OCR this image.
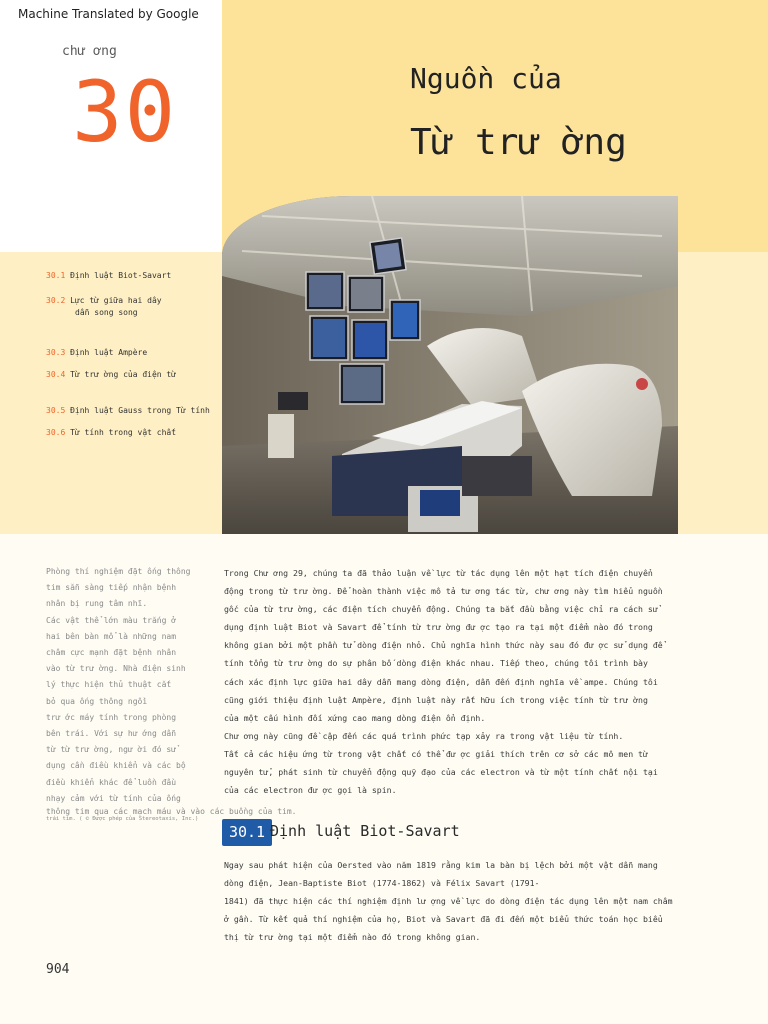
Machine Translated by Google
chư ơng
30	Nguồn của
Từ trư ờng
30.1 Định luật Biot-Savart
30.2 Lực từ giữa hai dây
dẫn song song
30.3 Định luật Ampère
30.4 Từ trư ờng của điện từ
30.5 Định luật Gauss trong Từ tính
30.6 Từ tính trong vật chất
Phòng thí nghiệm đặt ống thông
tim sẵn sàng tiếp nhận bệnh
nhân bị rung tâm nhĩ.
Các vật thể lớn màu trắng ở
hai bên bàn mổ là những nam
châm cực mạnh đặt bệnh nhân
vào từ trư ờng. Nhà điện sinh
lý thực hiện thủ thuật cắt
bỏ qua ống thông ngồi
trư ớc máy tính trong phòng
bên trái. Với sự hư ớng dẫn
từ từ trư ờng, ngư ời đó sử
dụng cần điều khiển và các bộ
điều khiển khác để luồn đầu
nhạy cảm với từ tính của ống
thông tim qua các mạch máu và vào các buồng của tim.
trái tim. ( © Được phép của Stereotaxis, Inc.)
Trong Chư ơng 29, chúng ta đã thảo luận về lực từ tác dụng lên một hạt tích điện chuyển
động trong từ trư ờng. Để hoàn thành việc mô tả tư ơng tác từ, chư ơng này tìm hiểu nguồn
gốc của từ trư ờng, các điện tích chuyển động. Chúng ta bắt đầu bằng việc chỉ ra cách sử
dụng định luật Biot và Savart để tính từ trư ờng đư ợc tạo ra tại một điểm nào đó trong
không gian bởi một phần tử dòng điện nhỏ. Chủ nghĩa hình thức này sau đó đư ợc sử dụng để
tính tổng từ trư ờng do sự phân bố dòng điện khác nhau. Tiếp theo, chúng tôi trình bày
cách xác định lực giữa hai dây dẫn mang dòng điện, dẫn đến định nghĩa về ampe. Chúng tôi
cũng giới thiệu định luật Ampère, định luật này rất hữu ích trong việc tính từ trư ờng
của một cấu hình đối xứng cao mang dòng điện ổn định.
Chư ơng này cũng đề cập đến các quá trình phức tạp xảy ra trong vật liệu từ tính.
Tất cả các hiệu ứng từ trong vật chất có thể đư ợc giải thích trên cơ sở các mô men từ
nguyên tử, phát sinh từ chuyển động quỹ đạo của các electron và từ một tính chất nội tại
của các electron đư ợc gọi là spin.
30.1 Định luật Biot-Savart
Ngay sau phát hiện của Oersted vào năm 1819 rằng kim la bàn bị lệch bởi một vật dẫn mang
dòng điện, Jean-Baptiste Biot (1774-1862) và Félix Savart (1791-
1841) đã thực hiện các thí nghiệm định lư ợng về lực do dòng điện tác dụng lên một nam châm
ở gần. Từ kết quả thí nghiệm của họ, Biot và Savart đã đi đến một biểu thức toán học biểu
thị từ trư ờng tại một điểm nào đó trong không gian.
904
